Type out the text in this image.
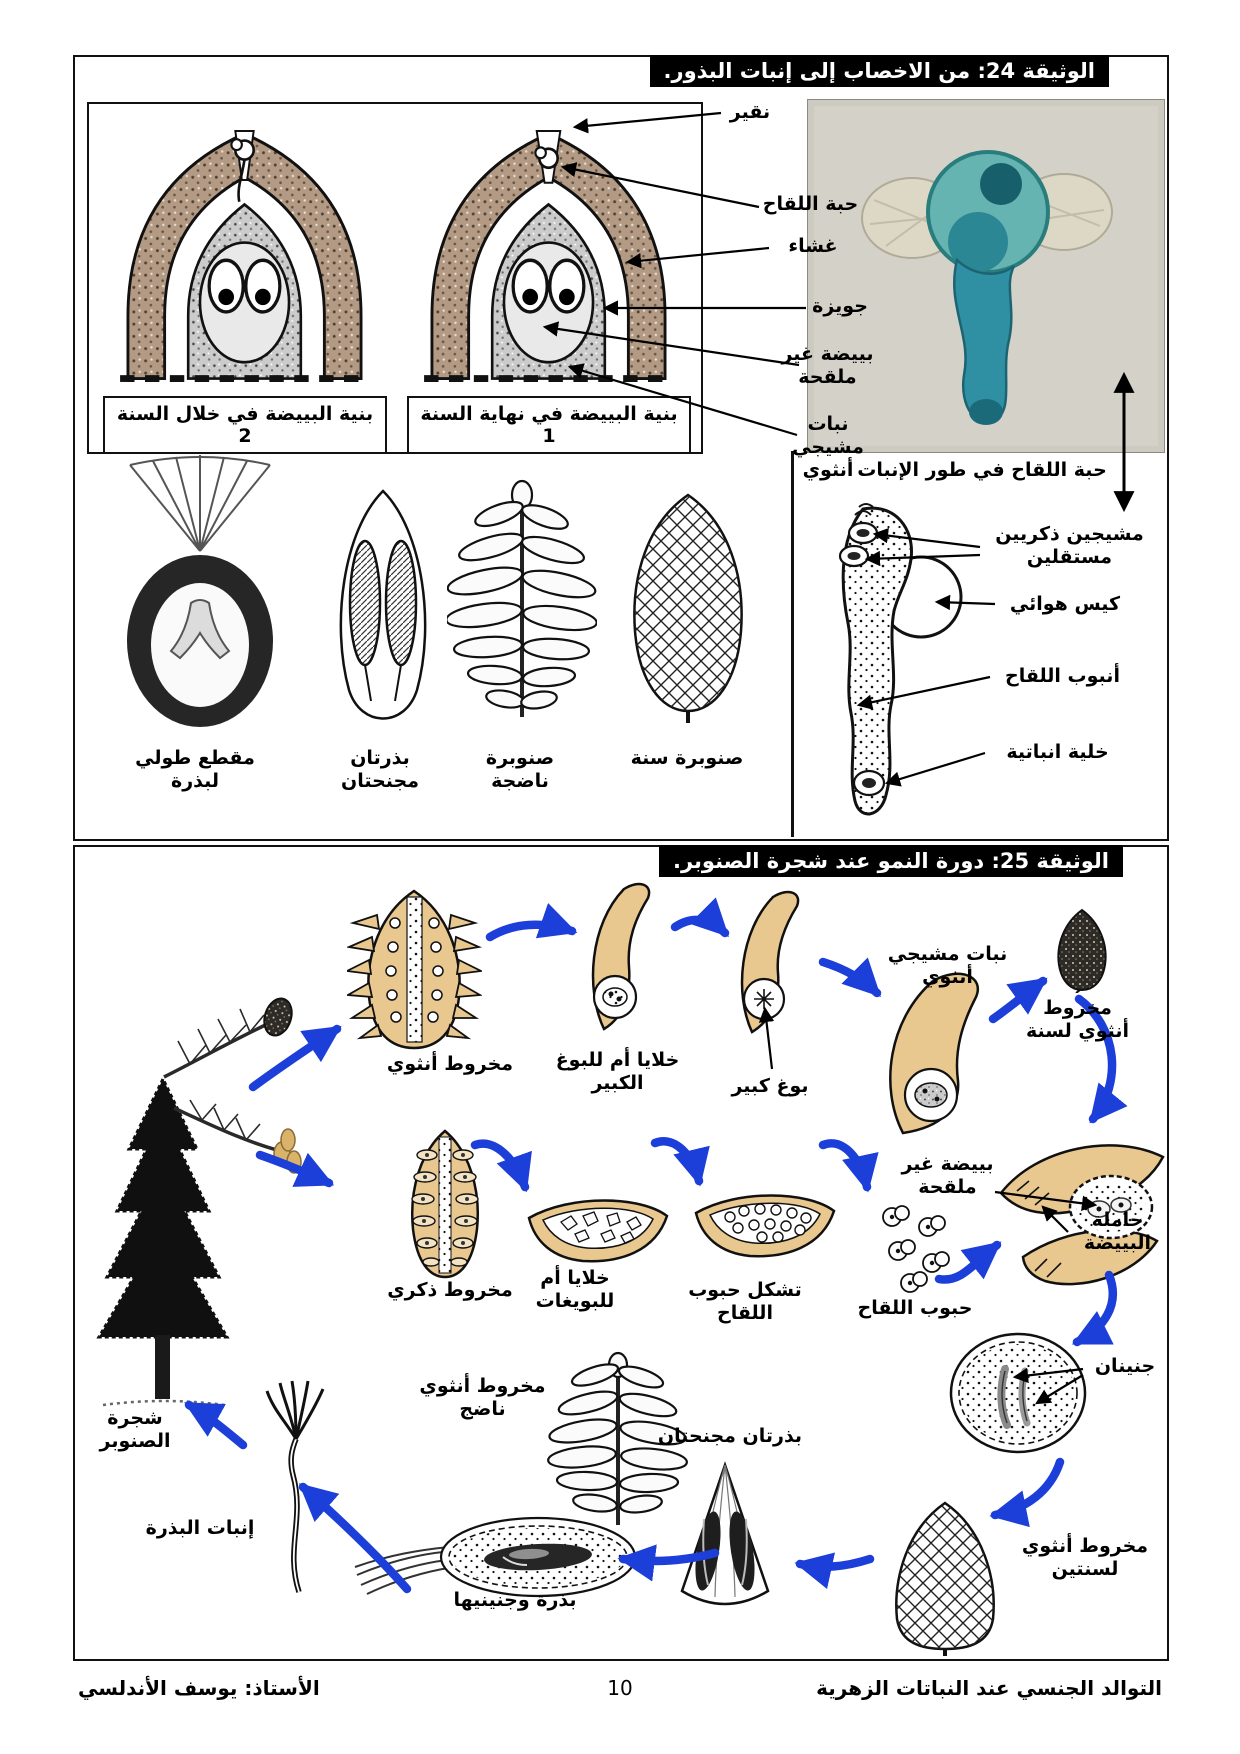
الوثيقة 24: من الاخصاب إلى إنبات البذور.
بنية البييضة في خلال السنة 2
بنية البييضة في نهاية السنة 1
نقير
حبة اللقاح
غشاء
جويزة
بييضة غير ملقحة
نبات مشيجي أنثوي حبة اللقاح في طور الإنبات
مقطع طولي لبذرة
بذرتان مجنحتان
صنوبرة ناضجة
صنوبرة سنة
مشيجين ذكريين مستقلين
كيس هوائي
أنبوب اللقاح
خلية انباتية
الوثيقة 25: دورة النمو عند شجرة الصنوبر.
مخروط أنثوي	خلايا أم للبوغ الكبير	بوغ كبير
نبات مشيجي أنثوي
مخروط أنثوي لسنة
بييضة غير ملقحة
حاملة البييضة
جنينان
مخروط ذكري
خلايا أم للبويغات
تشكل حبوب اللقاح	حبوب اللقاح
مخروط أنثوي ناضج
بذرتان مجنحتان
مخروط أنثوي لسنتين
بذرة وجنينيها
إنبات البذرة
شجرة الصنوبر
الأستاذ: يوسف الأندلسي	10	التوالد الجنسي عند النباتات الزهرية
